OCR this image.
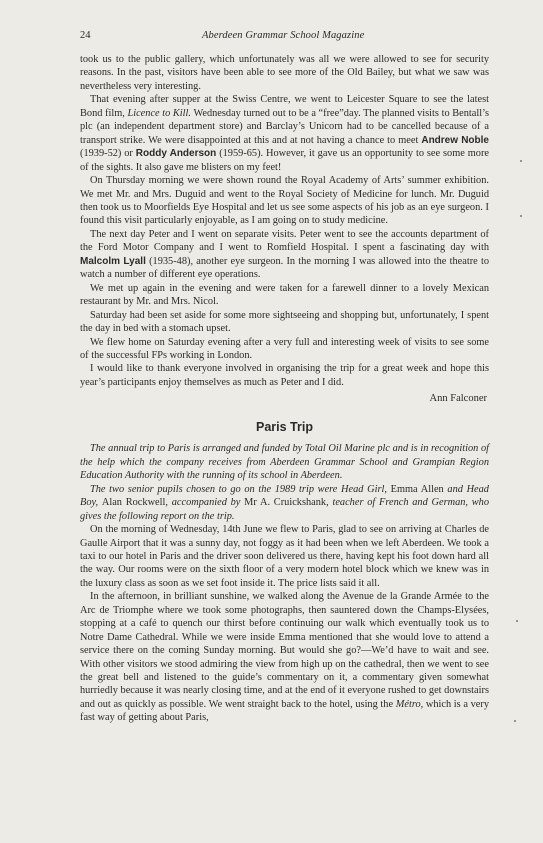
24	Aberdeen Grammar School Magazine

took us to the public gallery, which unfortunately was all we were allowed to see for security reasons. In the past, visitors have been able to see more of the Old Bailey, but what we saw was nevertheless very interesting.

That evening after supper at the Swiss Centre, we went to Leicester Square to see the latest Bond film, Licence to Kill. Wednesday turned out to be a “free”day. The planned visits to Bentall’s plc (an independent department store) and Barclay’s Unicorn had to be cancelled because of a transport strike. We were disappointed at this and at not having a chance to meet Andrew Noble (1939-52) or Roddy Anderson (1959-65). However, it gave us an opportunity to see some more of the sights. It also gave me blisters on my feet!

On Thursday morning we were shown round the Royal Academy of Arts’ summer exhibition. We met Mr. and Mrs. Duguid and went to the Royal Society of Medicine for lunch. Mr. Duguid then took us to Moorfields Eye Hospital and let us see some aspects of his job as an eye surgeon. I found this visit particularly enjoyable, as I am going on to study medicine.

The next day Peter and I went on separate visits. Peter went to see the accounts department of the Ford Motor Company and I went to Romfield Hospital. I spent a fascinating day with Malcolm Lyall (1935-48), another eye surgeon. In the morning I was allowed into the theatre to watch a number of different eye operations.

We met up again in the evening and were taken for a farewell dinner to a lovely Mexican restaurant by Mr. and Mrs. Nicol.

Saturday had been set aside for some more sightseeing and shopping but, unfortunately, I spent the day in bed with a stomach upset.

We flew home on Saturday evening after a very full and interesting week of visits to see some of the successful FPs working in London.

I would like to thank everyone involved in organising the trip for a great week and hope this year’s participants enjoy themselves as much as Peter and I did.

Ann Falconer
Paris Trip

The annual trip to Paris is arranged and funded by Total Oil Marine plc and is in recognition of the help which the company receives from Aberdeen Grammar School and Grampian Region Education Authority with the running of its school in Aberdeen.

The two senior pupils chosen to go on the 1989 trip were Head Girl, Emma Allen and Head Boy, Alan Rockwell, accompanied by Mr A. Cruickshank, teacher of French and German, who gives the following report on the trip.

On the morning of Wednesday, 14th June we flew to Paris, glad to see on arriving at Charles de Gaulle Airport that it was a sunny day, not foggy as it had been when we left Aberdeen. We took a taxi to our hotel in Paris and the driver soon delivered us there, having kept his foot down hard all the way. Our rooms were on the sixth floor of a very modern hotel block which we knew was in the luxury class as soon as we set foot inside it. The price lists said it all.

In the afternoon, in brilliant sunshine, we walked along the Avenue de la Grande Armée to the Arc de Triomphe where we took some photographs, then sauntered down the Champs-Elysées, stopping at a café to quench our thirst before continuing our walk which eventually took us to Notre Dame Cathedral. While we were inside Emma mentioned that she would love to attend a service there on the coming Sunday morning. But would she go?—We’d have to wait and see. With other visitors we stood admiring the view from high up on the cathedral, then we went to see the great bell and listened to the guide’s commentary on it, a commentary given somewhat hurriedly because it was nearly closing time, and at the end of it everyone rushed to get downstairs and out as quickly as possible. We went straight back to the hotel, using the Métro, which is a very fast way of getting about Paris,
